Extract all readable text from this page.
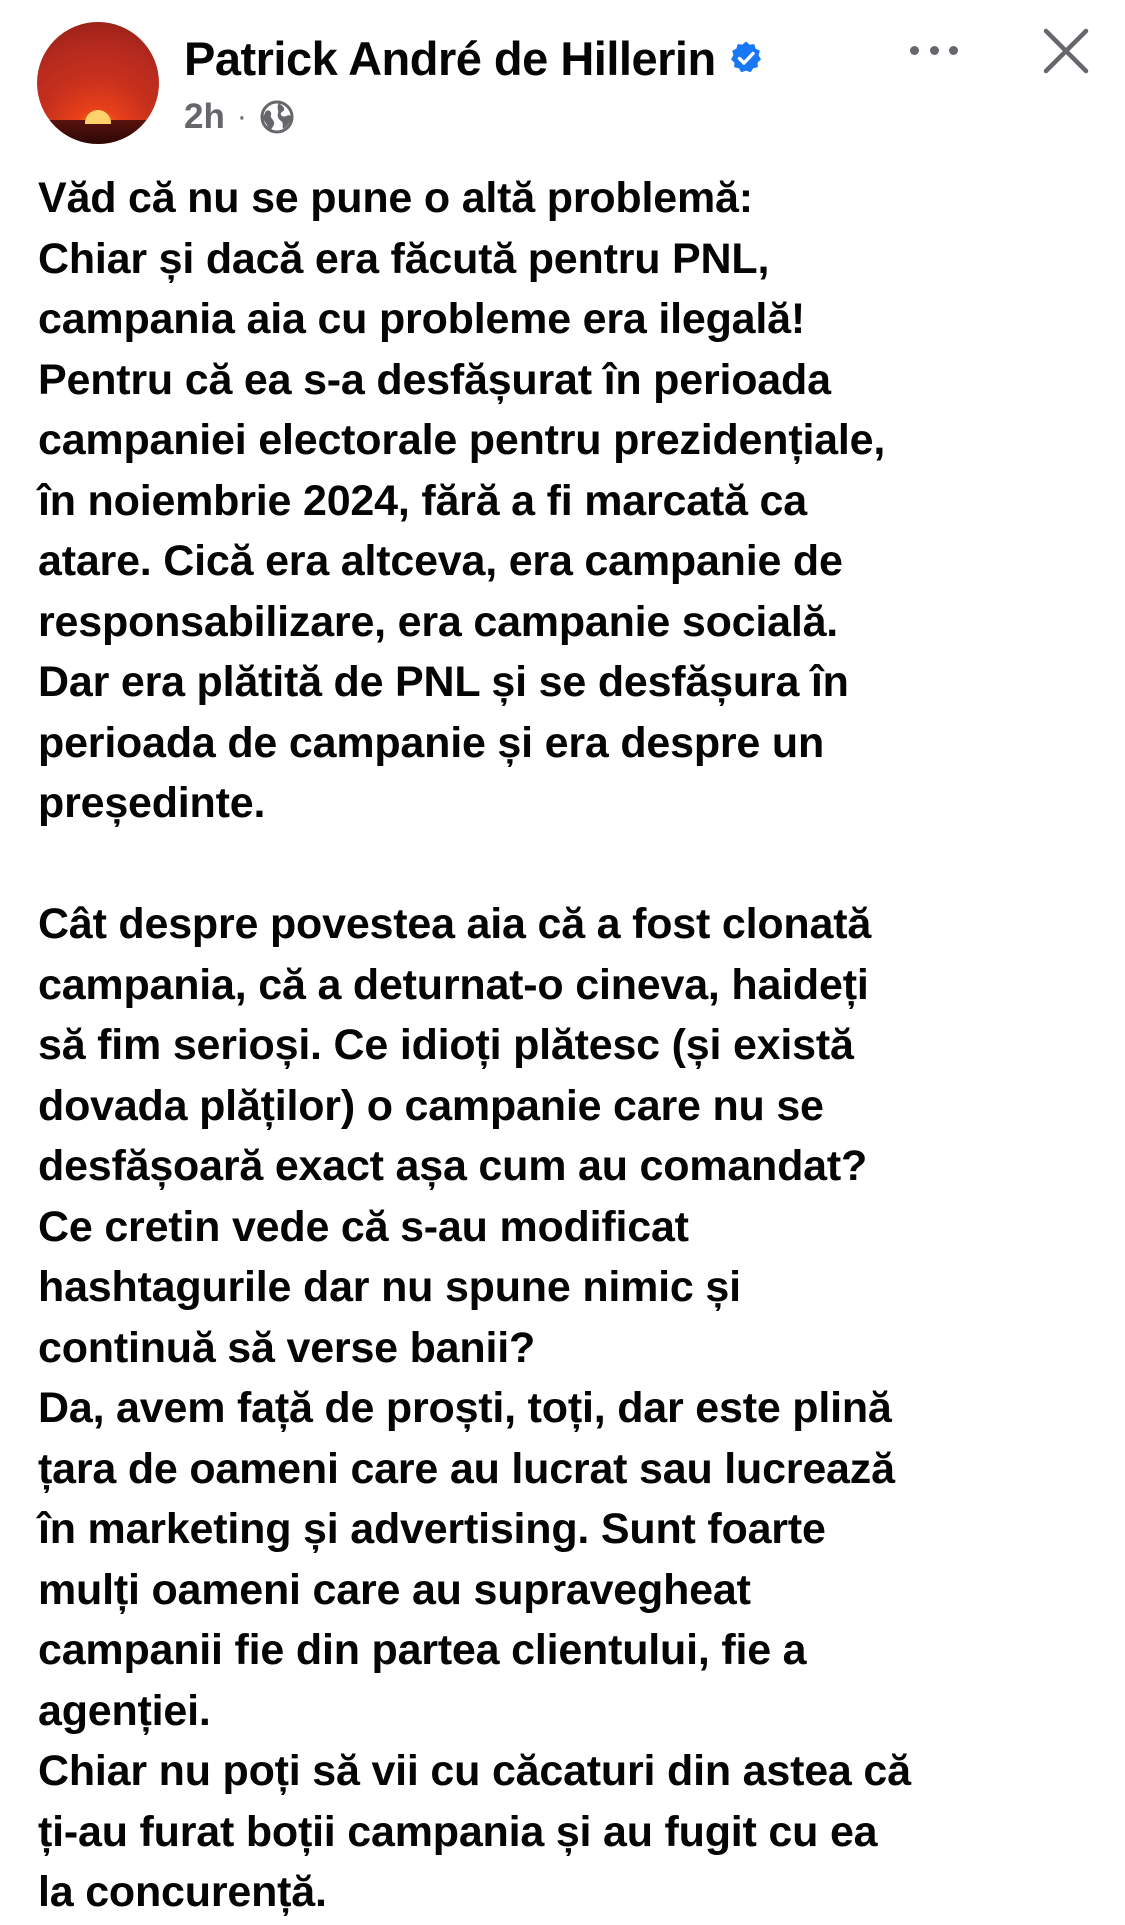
Patrick André de Hillerin
2h ·
Văd că nu se pune o altă problemă:
Chiar și dacă era făcută pentru PNL,
campania aia cu probleme era ilegală!
Pentru că ea s-a desfășurat în perioada
campaniei electorale pentru prezidențiale,
în noiembrie 2024, fără a fi marcată ca
atare. Cică era altceva, era campanie de
responsabilizare, era campanie socială.
Dar era plătită de PNL și se desfășura în
perioada de campanie și era despre un
președinte.
Cât despre povestea aia că a fost clonată
campania, că a deturnat-o cineva, haideți
să fim serioși. Ce idioți plătesc (și există
dovada plăților) o campanie care nu se
desfășoară exact așa cum au comandat?
Ce cretin vede că s-au modificat
hashtagurile dar nu spune nimic și
continuă să verse banii?
Da, avem față de proști, toți, dar este plină
țara de oameni care au lucrat sau lucrează
în marketing și advertising. Sunt foarte
mulți oameni care au supravegheat
campanii fie din partea clientului, fie a
agenției.
Chiar nu poți să vii cu căcaturi din astea că
ți-au furat boții campania și au fugit cu ea
la concurență.
